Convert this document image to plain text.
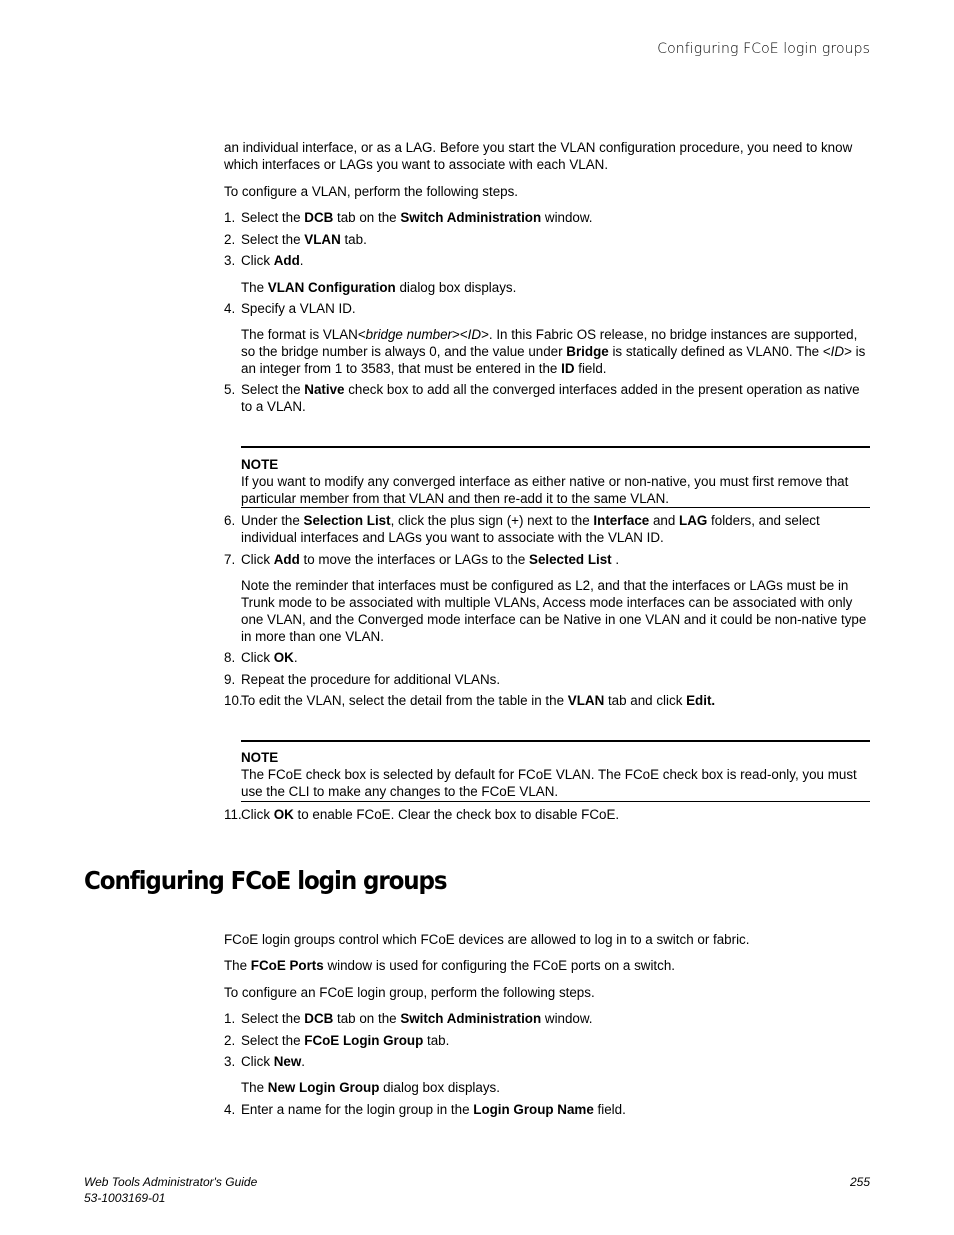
Configuring FCoE login groups
an individual interface, or as a LAG. Before you start the VLAN configuration procedure, you need to know which interfaces or LAGs you want to associate with each VLAN.
To configure a VLAN, perform the following steps.
1. Select the DCB tab on the Switch Administration window.
2. Select the VLAN tab.
3. Click Add.
The VLAN Configuration dialog box displays.
4. Specify a VLAN ID.
The format is VLAN<bridge number><ID>. In this Fabric OS release, no bridge instances are supported, so the bridge number is always 0, and the value under Bridge is statically defined as VLAN0. The <ID> is an integer from 1 to 3583, that must be entered in the ID field.
5. Select the Native check box to add all the converged interfaces added in the present operation as native to a VLAN.
NOTE
If you want to modify any converged interface as either native or non-native, you must first remove that particular member from that VLAN and then re-add it to the same VLAN.
6. Under the Selection List, click the plus sign (+) next to the Interface and LAG folders, and select individual interfaces and LAGs you want to associate with the VLAN ID.
7. Click Add to move the interfaces or LAGs to the Selected List .
Note the reminder that interfaces must be configured as L2, and that the interfaces or LAGs must be in Trunk mode to be associated with multiple VLANs, Access mode interfaces can be associated with only one VLAN, and the Converged mode interface can be Native in one VLAN and it could be non-native type in more than one VLAN.
8. Click OK.
9. Repeat the procedure for additional VLANs.
10.
To edit the VLAN, select the detail from the table in the VLAN tab and click Edit.
NOTE
The FCoE check box is selected by default for FCoE VLAN. The FCoE check box is read-only, you must use the CLI to make any changes to the FCoE VLAN.
11. Click OK to enable FCoE. Clear the check box to disable FCoE.
Configuring FCoE login groups
FCoE login groups control which FCoE devices are allowed to log in to a switch or fabric.
The FCoE Ports window is used for configuring the FCoE ports on a switch.
To configure an FCoE login group, perform the following steps.
1. Select the DCB tab on the Switch Administration window.
2. Select the FCoE Login Group tab.
3. Click New.
The New Login Group dialog box displays.
4. Enter a name for the login group in the Login Group Name field.
Web Tools Administrator's Guide
53-1003169-01
255
